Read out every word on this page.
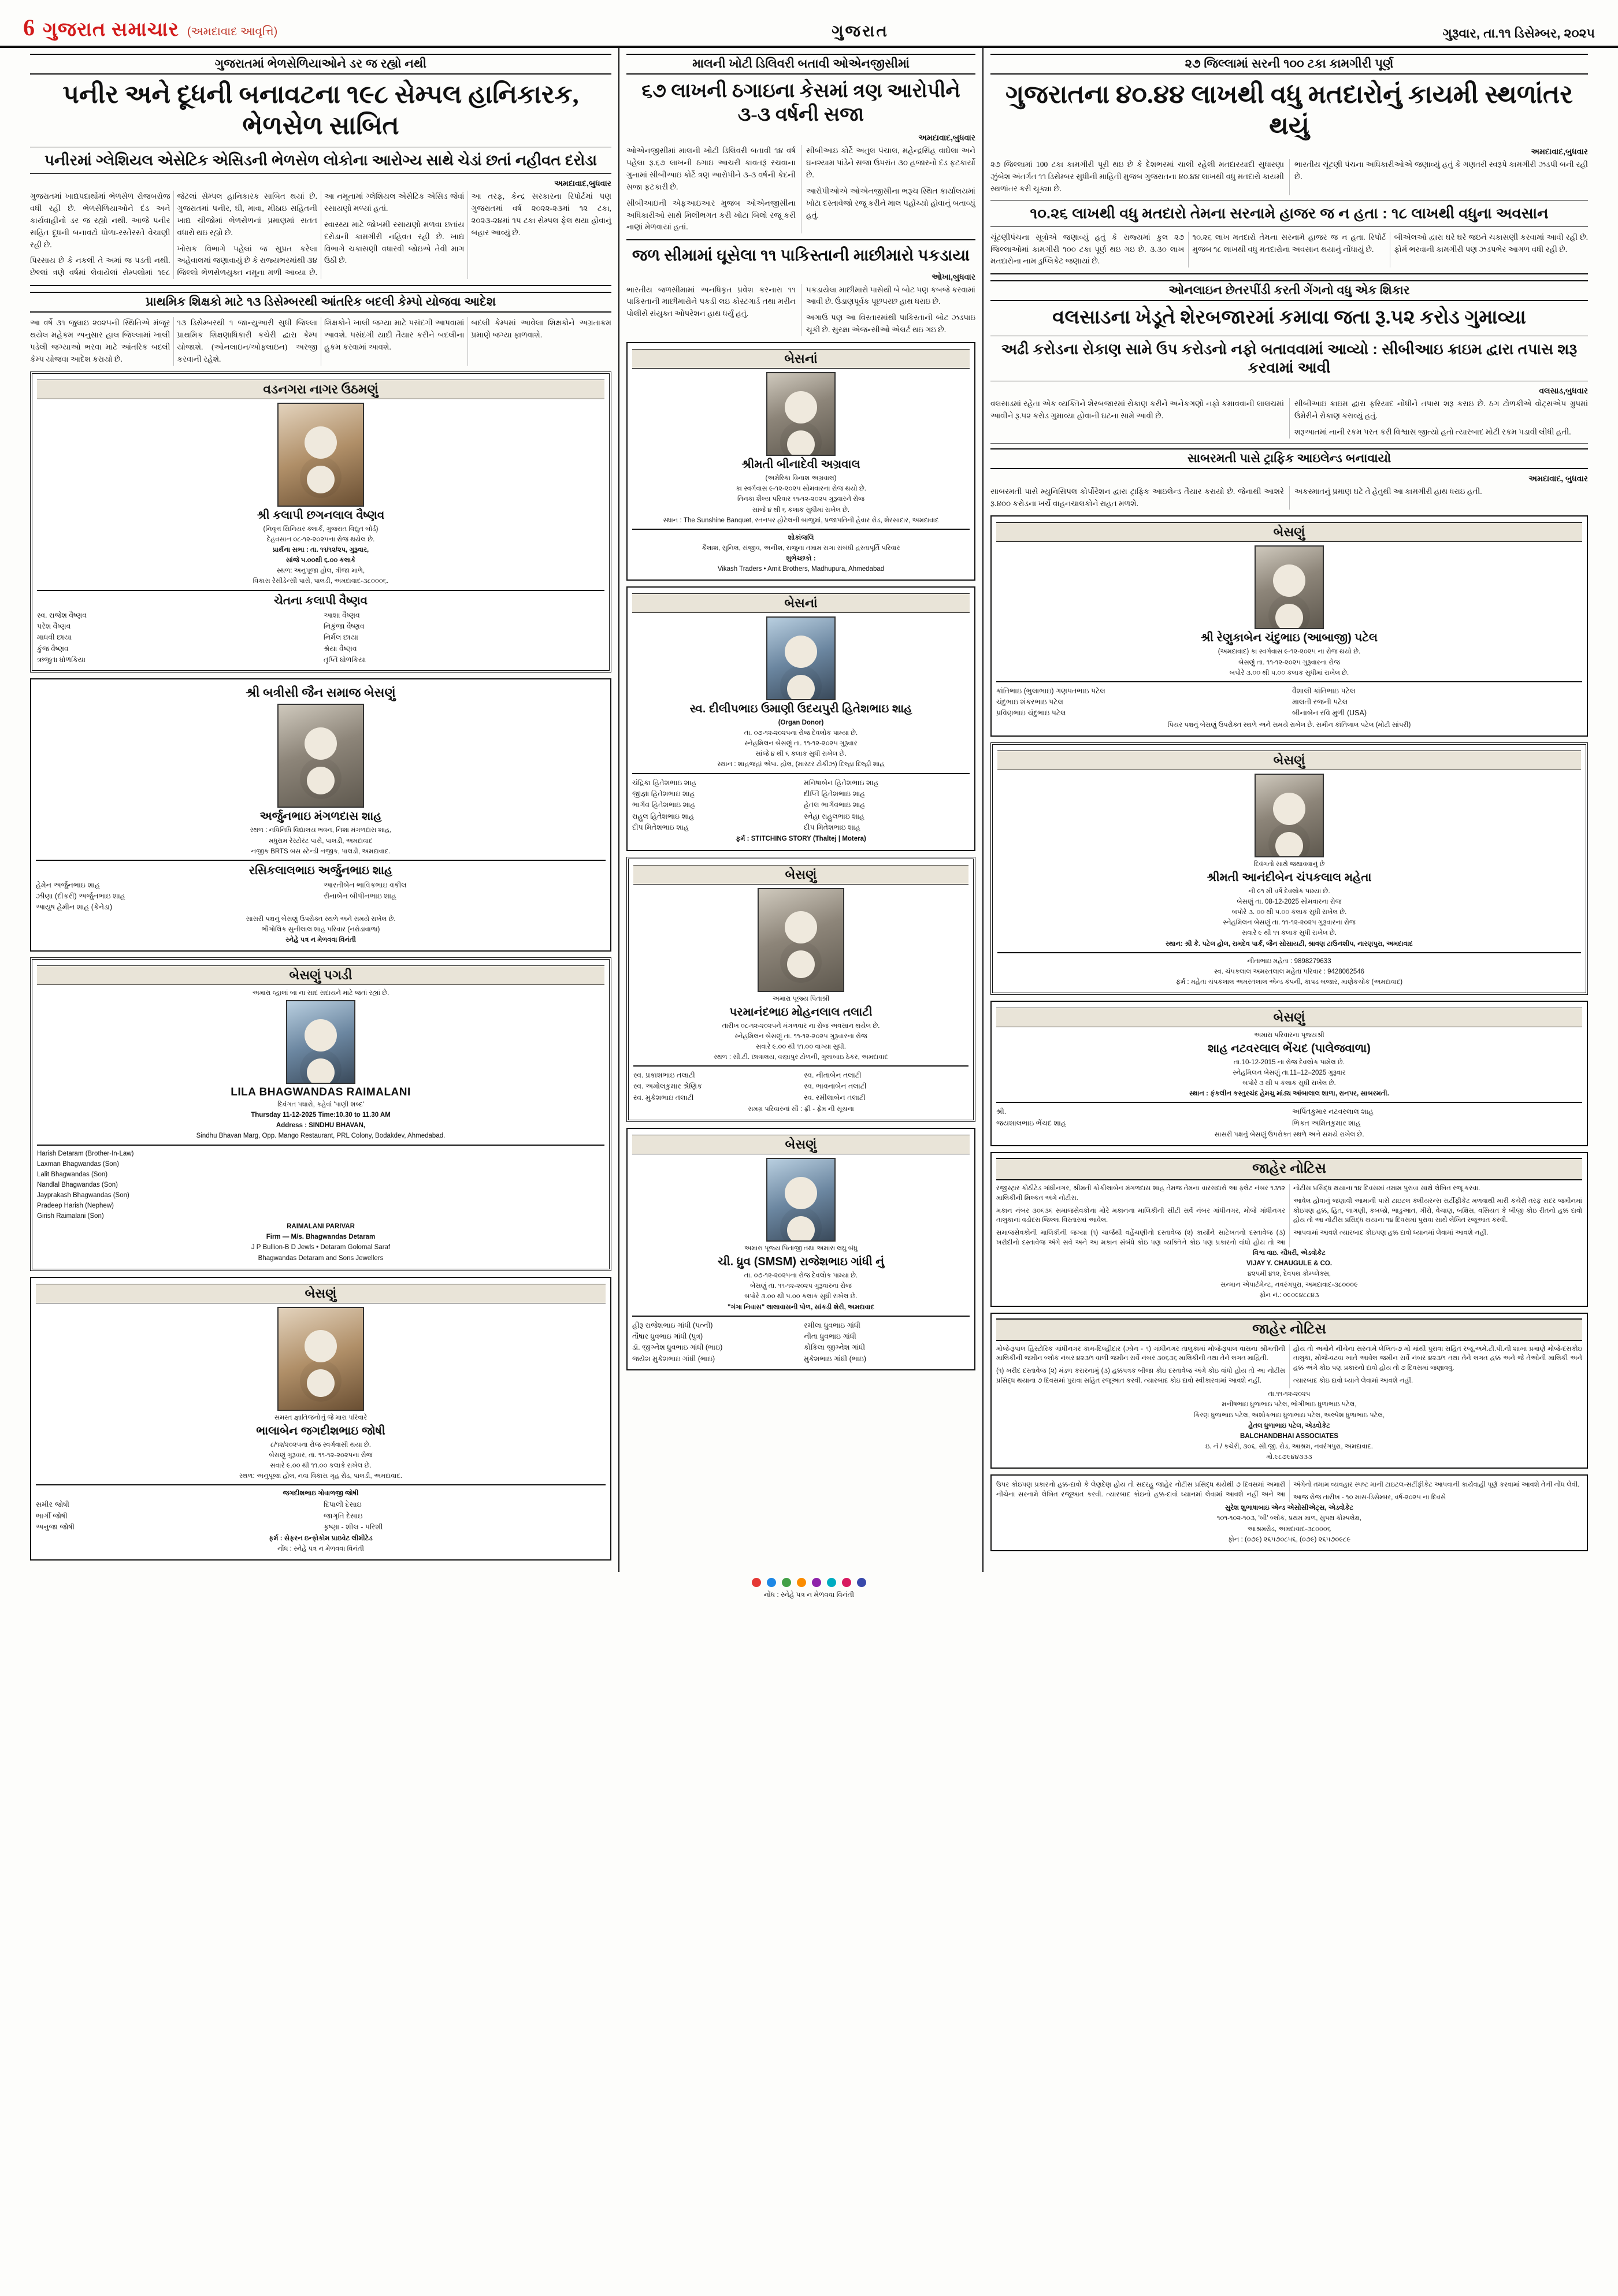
6 ગુજરાત સમાચાર (અમદાવાદ આવૃત્તિ)	ગુજરાત	ગુરૂવાર, તા.૧૧ ડિસેમ્બર, ૨૦૨૫
ગુજરાતમાં ભેળસેળિયાઓને ડર જ રહ્યો નથી
પનીર અને દૂધની બનાવટના ૧૯૮ સેમ્પલ હાનિકારક, ભેળસેળ સાબિત
પનીરમાં ગ્લેશિયલ એસેટિક એસિડની ભેળસેળ લોકોના આરોગ્ય સાથે ચેડાં છતાં નહીવત દરોડા
અમદાવાદ,બુધવાર

ગુજરાતમાં ખાદ્યપદાર્થોમાં ભેળસેળ રોજબરોજ વધી રહી છે. ભેળસેળિયાઓને દંડ અને કાર્યવાહીનો ડર જ રહ્યો નથી. આજે પનીર સહિત દૂધની બનાવટો ધોળા-રસ્તેરસ્તે વેચાણી રહી છે.

પિરસાય છે કે નકલી તે અમાં જ પડતી નથી. છેલ્લાં ત્રણે વર્ષમાં લેવાયેલાં સેમ્પલોમાં ૧૯૮ જેટલાં સેમ્પલ હાનિકારક સાબિત થયાં છે. ગુજરાતમાં પનીર, ઘી, માવા, મીઠાઇ સહિતની ખાદ્ય ચીજોમાં ભેળસેળનાં પ્રમાણમાં સતત વધારો થઇ રહ્યો છે.

ખોરાક વિભાગે પહેલાં જ સુપ્રત કરેલા અહેવાલમાં જણાવાયું છે કે રાજ્યભરમાંથી ૩૪ જિલ્લો ભેળસેળયુક્ત નમૂના મળી આવ્યા છે. આ નમૂનામાં ગ્લેશિયલ એસેટિક એસિડ જેવાં રસાયણો મળ્યાં હતાં.

સ્વાસ્થ્ય માટે જોખમી રસાયણો મળવા છતાંય દરોડાની કામગીરી નહિવત રહી છે. ખાદ્ય વિભાગે ચકાસણી વધારવી જોઇએ તેવી માગ ઉઠી છે.

આ તરફ, કેન્દ્ર સરકારના રિપોર્ટમાં પણ ગુજરાતમાં વર્ષ ૨૦૨૨-૨૩માં ૧૨ ટકા, ૨૦૨૩-૨૪માં ૧૫ ટકા સેમ્પલ ફેલ થયા હોવાનું બહાર આવ્યું છે.

પ્રાથમિક શિક્ષકો માટે ૧૩ ડિસેમ્બરથી આંતરિક બદલી કેમ્પો યોજવા આદેશ

આ વર્ષે ૩૧ જુલાઇ ૨૦૨૫ની સ્થિતિએ મંજૂર થયેલ મહેકમ અનુસાર હાલ જિલ્લામાં ખાલી પડેલી જગ્યાઓ ભરવા માટે આંતરિક બદલી કેમ્પ યોજવા આદેશ કરાયો છે.

૧૩ ડિસેમ્બરથી ૧ જાન્યુઆરી સુધી જિલ્લા પ્રાથમિક શિક્ષણાધિકારી કચેરી દ્વારા કેમ્પ યોજાશે. (ઓનલાઇન/ઓફલાઇન) અરજી કરવાની રહેશે.

શિક્ષકોને ખાલી જગ્યા માટે પસંદગી આપવામાં આવશે. પસંદગી યાદી તૈયાર કરીને બદલીના હુકમ કરવામાં આવશે.

બદલી કેમ્પમાં આવેલા શિક્ષકોને અગ્રતાક્રમ પ્રમાણે જગ્યા ફાળવાશે.

વડનગરા નાગર ઉઠમણું
શ્રી કલાપી છગનલાલ વૈષ્ણવ
(નિવૃત્ત સિનિયર ક્લાર્ક, ગુજરાત વિદ્યુત બોર્ડ)
દેહવસાન ૦૮-૧૨-૨૦૨૫ના રોજ થયેલ છે.
પ્રાર્થના સભા : તા. ૧૧/૧૨/૨૫, ગુરૂવાર,
સાંજે ૫.૦૦થી ૬.૦૦ કલાકે
સ્થળ: અનુપૂજા હોલ, ત્રીજા માળે,
વિકાસ રેસીડેન્સી પાસે, પાલડી, અમદાવાદ-૩૮૦૦૦૬.
ચેતના કલાપી વૈષ્ણવ
સ્વ. રાજેશ વૈષ્ણવ
પરેશ વૈષ્ણવ
માધવી છાયા
કુંજ વૈષ્ણવ
ઋજુતા ધોળકિયા
આશા વૈષ્ણવ
નિકુંજા વૈષ્ણવ
નિર્મલ છાયા
શ્રેયા વૈષ્ણવ
તૃપ્તિ ધોળકિયા
શ્રી બત્રીસી જૈન સમાજ બેસણું
અર્જુનભાઇ મંગળદાસ શાહ
સ્થળ : નવિનિધિ વિદ્યાલય ભવન, નિશા મંગળદાસ શાહ,
મધુરામ રેસ્ટોરંટ પાસે, પાલડી, અમદાવાદ
નજીક BRTS બસ સ્ટેન્ડી નજીક, પાલડી, અમદાવાદ.
રસિકલાલભાઇ અર્જુનભાઇ શાહ
હેમેન અર્જુનભાઇ શાહ
ઝીણા (દીકરી) અર્જુનભાઇ શાહ
આયુષ હેમીન શાહ (કેનેડા)
આરતીબેન ભાવિકભાઇ વકીલ
રીનાબેન બીપીનભાઇ શાહ
સાસરી પક્ષનું બેસણું ઉપરોક્ત સ્થળે અને સમયે રાખેલ છે.
ભૌગોલિક સુનીલાલ શાહ પરિવાર (નરોડાવાળા)
સ્નેહે પત્ર ન મેળવવા વિનંતી
બેસણું પગડી
અમારા વ્હાલાં બા ના સાદ સદાયને માટે જતાં રહ્યાં છે.
LILA BHAGWANDAS RAIMALANI
દિવંગત પધારો, કહેવાં 'પાણી શબ્દ'
Thursday 11-12-2025 Time:10.30 to 11.30 AM
Address : SINDHU BHAVAN,
Sindhu Bhavan Marg, Opp. Mango Restaurant, PRL Colony, Bodakdev, Ahmedabad.
Harish Detaram (Brother-In-Law)
Laxman Bhagwandas (Son)
Lalit Bhagwandas (Son)
Nandlal Bhagwandas (Son)
Jayprakash Bhagwandas (Son)
Pradeep Harish (Nephew)
Girish Raimalani (Son)
RAIMALANI PARIVAR
Firm — M/s. Bhagwandas Detaram
J P Bullion-B D Jewls • Detaram Golomal Saraf
Bhagwandas Detaram and Sons Jewellers
બેસણું
સમસ્ત જ્ઞાતિજનોનું જે મારા પરિવારે
ભાલાબેન જગદીશભાઇ જોષી
૮/૧૨/૨૦૨૫ના રોજ સ્વર્ગવાસી થયા છે.
બેસણું ગુરૂવાર, તા. ૧૧-૧૨-૨૦૨૫ના રોજ
સવારે ૯.૦૦ થી ૧૧.૦૦ કલાકે રાખેલ છે.
સ્થળ: અનુપૂજા હોલ, નવા વિકાસ ગૃહ રોડ, પાલડી, અમદાવાદ.
જગદીશભાઇ ગોવાળજી જોષી
સમીર જોષી
ભાર્ગી જોષી
અનુજા જોષી
દિપાલી દેસાઇ
જાગૃતિ દેસાઇ
કૃષ્ણા - શીલ - પરિશી
ફર્મ : સેફરન ઇન્ફોકોમ પ્રાઇવેટ લીમીટેડ
નોંધ : સ્નેહે પત્ર ન મેળવવા વિનંતી
માલની ખોટી ડિલિવરી બતાવી ઓએનજીસીમાં
૬૭ લાખની ઠગાઇના કેસમાં ત્રણ આરોપીને ૩-૩ વર્ષની સજા
અમદાવાદ,બુધવાર

ઓએનજીસીમાં માલની ખોટી ડિલિવરી બતાવી ૧૪ વર્ષ પહેલા રૂ.૬૭ લાખની ઠગાઇ આચરી કાવતરૂં રચવાના ગુનામાં સીબીઆઇ કોર્ટે ત્રણ આરોપીને ૩-૩ વર્ષની કેદની સજા ફટકારી છે.

સીબીઆઇની એફઆઇઆર મુજબ ઓએનજીસીના અધિકારીઓ સાથે મિલીભગત કરી ખોટા બિલો રજૂ કરી નાણાં મેળવાયાં હતાં.

સીબીઆઇ કોર્ટે અતુલ પંચાલ, મહેન્દ્રસિંહ વાઘેલા અને ઘનશ્યામ પાંડેને સજા ઉપરાંત ૩૦ હજારનો દંડ ફટકાર્યો છે.

આરોપીઓએ ઓએનજીસીના ભરૂચ સ્થિત કાર્યાલયમાં ખોટા દસ્તાવેજો રજૂ કરીને માલ પહોંચ્યો હોવાનું બતાવ્યું હતું.

જળ સીમામાં ઘૂસેલા ૧૧ પાકિસ્તાની માછીમારો પકડાયા
ઓખા,બુધવાર

ભારતીય જળસીમામાં અનધિકૃત પ્રવેશ કરનારા ૧૧ પાકિસ્તાની માછીમારોને પકડી લઇ કોસ્ટગાર્ડ તથા મરીન પોલીસે સંયુક્ત ઓપરેશન હાથ ધર્યું હતું.

પકડાયેલા માછીમારો પાસેથી બે બોટ પણ કબજે કરવામાં આવી છે. ઉંડાણપૂર્વક પૂછપરછ હાથ ધરાઇ છે.

અગાઉ પણ આ વિસ્તારમાંથી પાકિસ્તાની બોટ ઝડપાઇ ચૂકી છે. સુરક્ષા એજન્સીઓ એલર્ટ થઇ ગઇ છે.

બેસનાં
શ્રીમતી બીનાદેવી અગ્રવાલ
(અમેરિકા વિનાશ અગ્રવાલ)
કા સ્વર્ગવાસ ૯-૧૨-૨૦૨૫ સોમવારના રોજ થયો છે.
તિનકા શૈલ્ય પરિવાર ૧૧-૧૨-૨૦૨૫ ગુરૂવારને રોજ
સાંજે ૪ થી ૬ કલાક સુધીમાં રાખેલ છે.
સ્થાન : The Sunshine Banquet, રતનપર હોટેલની બાજુમાં, પ્રજાપતિની હેવાર રોડ, શેરસાદાર, અમદાવાદ
શોકાંજલિ
કૈલાશ, સુનિલ, સંજીવ, અનીશ, રાજુના તમામ સગા સંબંધી હસ્તાપૂર્તિ પરિવાર
શુભેચ્છકો :
Vikash Traders • Amit Brothers, Madhupura, Ahmedabad
બેસનાં
સ્વ. દીલીપભાઇ ઉમાણી ઉદયપુરી હિતેશભાઇ શાહ
(Organ Donor)
તા. ૦૭-૧૨-૨૦૨૫ના રોજ દેવલોક પામ્યા છે.
સ્નેહમિલન બેસણું તા. ૧૧-૧૨-૨૦૨૫ ગુરૂવાર
સાંજે ૪ થી ૬ કલાક સુધી રાખેલ છે.
સ્થાન : શાહજહાં એપા. હોલ, (માસ્ટર ટોકીઝ) દિલ્હા દિલ્હી શાહ
ચંદ્રિકા હિતેશભાઇ શાહ
જીજ્ઞા હિતેશભાઇ શાહ
ભાર્ગવ હિતેશભાઇ શાહ
રાહુલ હિતેશભાઇ શાહ
દીપ મિતેશભાઇ શાહ
મનિષાબેન હિતેશભાઇ શાહ
દીપ્તિ હિતેશભાઇ શાહ
હેતલ ભાર્ગવભાઇ શાહ
સ્નેહા રાહુલભાઇ શાહ
દીપ મિતેશભાઇ શાહ
ફર્મ : STITCHING STORY (Thaltej | Motera)
બેસણું
અમારા પૂજ્ય પિતાશ્રી
પરમાનંદભાઇ મોહનલાલ તલાટી
તારીખ ૦૮-૧૨-૨૦૨૫ને મંગળવાર ના રોજ અવસાન થયેલ છે.
સ્નેહમિલન બેસણું તા. ૧૧-૧૨-૨૦૨૫ ગુરૂવારના રોજ
સવારે ૯.૦૦ થી ૧૧.૦૦ વાગ્યા સુધી.
સ્થળ : સી.ટી. છાત્રાલય, વસ્ત્રાપુર ટોળની, ગુલાબાઇ ઠેકર, અમદાવાદ
સ્વ. પ્રકાશભાઇ તલાટી
સ્વ. અમોલકુમાર શ્રેણિક
સ્વ. મુકેશભાઇ તલાટી
સ્વ. નીતાબેન તલાટી
સ્વ. ભાવનાબેન તલાટી
સ્વ. રમીલાબેન તલાટી
સમગ્ર પરિવારનાં સૌ : ફ્રી - ફ્રેમ ની સૂચના
બેસણું
અમારા પૂજ્ય પિતાજી તથા અમારા લઘુ બંધુ
ચી. ધ્રુવ (SMSM) રાજેશભાઇ ગાંધી નું
તા. ૦૭-૧૨-૨૦૨૫ના રોજ દેવલોક પામ્યા છે.
બેસણું તા. ૧૧-૧૨-૨૦૨૫ ગુરૂવારના રોજ
બપોરે ૩.૦૦ થી ૫.૦૦ કલાક સુધી રાખેલ છે.
"ગંગા નિવાસ" લાલાવાસની પોળ, સાંકડી શેરી, અમદાવાદ
હીરૂ રાજેશભાઇ ગાંધી (પત્ની)
તૌષાર ધ્રુવભાઇ ગાંધી (પુત્ર)
ડૉ. જીગ્નેશ ધ્રુવભાઇ ગાંધી (ભાઇ)
જયેશ મુકેશભાઇ ગાંધી (ભાઇ)
રમીલા ધ્રુવભાઇ ગાંધી
નીતા ધ્રુવભાઇ ગાંધી
કોકિલા જીગ્નેશ ગાંધી
મુકેશભાઇ ગાંધી (ભાઇ)
૨૭ જિલ્લામાં સરની ૧૦૦ ટકા કામગીરી પૂર્ણ
ગુજરાતના ૪૦.૪૪ લાખથી વધુ મતદારોનું કાયમી સ્થળાંતર થયું
અમદાવાદ,બુધવાર

૨૭ જિલ્લામાં 100 ટકા કામગીરી પૂરી થઇ છે કે દેશભરમાં ચાલી રહેલી મતદારયાદી સુધારણા ઝુંબેશ અંતર્ગત ૧૧ ડિસેમ્બર સુધીની માહિતી મુજબ ગુજરાતના ૪૦.૪૪ લાખથી વધુ મતદારો કાયમી સ્થળાંતર કરી ચૂક્યા છે.

ભારતીય ચૂંટણી પંચના અધિકારીઓએ જણાવ્યું હતું કે ગણતરી સ્વરૂપે કામગીરી ઝડપી બની રહી છે.

૧૦.૨૬ લાખથી વધુ મતદારો તેમના સરનામે હાજર જ ન હતા : ૧૮ લાખથી વધુના અવસાન

ચૂંટણીપંચના સૂત્રોએ જણાવ્યું હતું કે રાજ્યમાં કુલ ૨૭ જિલ્લાઓમાં કામગીરી ૧૦૦ ટકા પૂર્ણ થઇ ગઇ છે. ૩.૩૦ લાખ મતદારોના નામ ડુપ્લિકેટ જણાયાં છે.

૧૦.૨૬ લાખ મતદારો તેમના સરનામે હાજર જ ન હતા. રિપોર્ટ મુજબ ૧૮ લાખથી વધુ મતદારોના અવસાન થયાનું નોંધાયું છે.

બીએલઓ દ્વારા ઘરે ઘરે જઇને ચકાસણી કરવામાં આવી રહી છે. ફોર્મ ભરવાની કામગીરી પણ ઝડપભેર આગળ વધી રહી છે.

ઓનલાઇન છેતરપીંડી કરતી ગેંગનો વધુ એક શિકાર
વલસાડના ખેડૂતે શેરબજારમાં કમાવા જતા રૂ.૫૨ કરોડ ગુમાવ્યા
અઢી કરોડના રોકાણ સામે ઉપ કરોડનો નફો બતાવવામાં આવ્યો : સીબીઆઇ ક્રાઇમ દ્વારા તપાસ શરૂ કરવામાં આવી
વલસાડ,બુધવાર

વલસાડમાં રહેતા એક વ્યક્તિને શેરબજારમાં રોકાણ કરીને અનેકગણો નફો કમાવવાની લાલચમાં આવીને રૂ.૫૨ કરોડ ગુમાવ્યા હોવાની ઘટના સામે આવી છે.

સીબીઆઇ ક્રાઇમ દ્વારા ફરિયાદ નોંધીને તપાસ શરૂ કરાઇ છે. ઠગ ટોળકીએ વોટ્સએપ ગ્રુપમાં ઉમેરીને રોકાણ કરાવ્યું હતું.

શરૂઆતમાં નાની રકમ પરત કરી વિશ્વાસ જીત્યો હતો ત્યારબાદ મોટી રકમ પડાવી લીધી હતી.

સાબરમતી પાસે ટ્રાફિક આઇલેન્ડ બનાવાયો
અમદાવાદ, બુધવાર

સાબરમતી પાસે મ્યુનિસિપલ કોર્પોરેશન દ્વારા ટ્રાફિક આઇલેન્ડ તૈયાર કરાયો છે. જેનાથી આશરે રૂ.૪૦૦ કરોડના ખર્ચે વાહનચાલકોને રાહત મળશે.

અકસ્માતનું પ્રમાણ ઘટે તે હેતુથી આ કામગીરી હાથ ધરાઇ હતી.

બેસણું
શ્રી રેણુકાબેન ચંદુભાઇ (આબાજી) પટેલ
(અમદાવાદ) કા સ્વર્ગવાસ ૯-૧૨-૨૦૨૫ ના રોજ થયો છે.
બેસણું તા. ૧૧-૧૨-૨૦૨૫ ગુરૂવારના રોજ
બપોરે ૩.૦૦ થી ૫.૦૦ કલાક સુધીમાં રાખેલ છે.
કાંતિભાઇ (ભુલાભાઇ) ગણપતભાઇ પટેલ
ચંદુભાઇ શંકરભાઇ પટેલ
પ્રવિણભાઇ ચંદુભાઇ પટેલ
વૈશાલી કાંતિભાઇ પટેલ
માલતી રજની પટેલ
બીનાબેન રવિ મુળી (USA)
પિયર પક્ષનું બેસણું ઉપરોક્ત સ્થળે અને સમયે રાખેલ છે. સમીન કાંતિલાલ પટેલ (મોટી સાંપરી)
બેસણું
દિવંગતો સાથે જથાવવાનું છે
શ્રીમતી આનંદીબેન ચંપકલાલ મહેતા
ની ૯૧ મી વર્ષે દેવલોક પામ્યા છે.
બેસણું તા. 08-12-2025 સોમવારના રોજ
બપોરે ૩. ૦૦ થી ૫.૦૦ કલાક સુધી રાખેલ છે.
સ્નેહમિલન બેસણું તા. ૧૧-૧૨-૨૦૨૫ ગુરૂવારના રોજ
સવારે ૯ થી ૧૧ કલાક સુધી રાખેલ છે.
સ્થાન: શ્રી કે. પટેલ હોલ, રામદેવ પાર્ક, જૈન સોસાયટી, શ્રાવણ ટાઉનશીપ, નારણપુરા, અમદાવાદ
નીતાભાઇ મહેતા : 9898279633
સ્વ. ચંપકલાલ અમરતલાલ મહેતા પરિવાર : 9428062546
ફર્મ : મહેતા ચંપકલાલ અમરતલાલ એન્ડ કંપની, કાપડ બજાર, માણેકચોક (અમદાવાદ)
બેસણું
અમારા પરિવારના પૂજ્યશ્રી
શાહ નટવરલાલ ભેંચદ (પાલેજવાળા)
તા.10-12-2015 ના રોજ દેવલોક પામેલ છે.
સ્નેહમિલન બેસણું તા.11–12–2025 ગુરૂવાર
બપોરે ૩ થી ૫ કલાક સુધી રાખેલ છે.
સ્થાન : ફંકલીન કસ્તુરચંદ હેમચુ માંડ્ય આંબાલાલ શાળા, રાનપર, સાબરમતી.
શ્રી.
જયશાલભાઇ ભેંચદ શાહ
અર્પિતકુમાર નટવરલાલ શાહ
ભિકત અમિતકુમાર શાહ
સાસરી પક્ષનું બેસણું ઉપરોક્ત સ્થળે અને સમયે રાખેલ છે.
જાહેર નોટિસ

રજીસ્ટ્રાર કોઠીટેડ ગાંધીનગર, શ્રીમતી કોકીલાબેન મંગળદાસ શાહ તેમજ તેમના વારસદારો આ ફ્લેટ નંબર ૧૩૧૨ માલિકીની મિલ્કત અંગે નોટીસ.

મકાન નંબર ૩૦૬૩૬ સમાજસેવકોના મોરે મકાનના માલિકીની સીટી સર્વે નંબર ગાંધીનગર, મોજે ગાંધીનગર તાલુકાનાં વડોદરા જિલ્લા વિસ્તારમાં આવેલ.

સમાજસેવકોની માલિકીની જગ્યા (૧) ચાર્જથી વહેંચણીનો દસ્તાવેજ (૨) કાર્યોને સાટેખતનો દસ્તાવેજ (૩) ખરીદીનો દસ્તાવેજ અંગે સર્વે અને આ મકાન સંબંધે કોઇ પણ વ્યક્તિને કોઇ પણ પ્રકારનો વાંધો હોય તો આ નોટીસ પ્રસિદ્ધ થયાના ૧૪ દિવસમાં તમામ પુરાવા સાથે લેખિત રજૂ કરવા.

આવેલ હોવાનું જણાવી આમાની પાસે ટાઇટલ ક્લીયરન્સ સર્ટીફીકેટ મળવાથી મારી કચેરી તરફ સદર જમીનમાં કોઇપણ હક્ક, હિત, લાગણી, કબજો, ભાડુઆત, ગીરો, વેચાણ, બક્ષિસ, વસિયત કે બીજી કોઇ રીતનો હક્ક દાવો હોય તો આ નોટીસ પ્રસિદ્ધ થયાના ૧૪ દિવસમાં પુરાવા સાથે લેખિત રજૂઆત કરવી.

આપવામાં આવશે ત્યારબાદ કોઇપણ હક્ક દાવો ધ્યાનમાં લેવામાં આવશે નહીં.

વિશ્વ વાઇ. ચૌધરી, એડવોકેટ
VIJAY Y. CHAUGULE & CO.
૪૨૫મી ૪૧૨, દેવપથ કોમ્પ્લેક્સ,
સન્માન એપાર્ટમેન્ટ, નવરંગપુરા, અમદાવાદ-૩૮૦૦૦૯
ફોન નં.: ૦૯૦૯૪૮૮૪૩
જાહેર નોટિસ

મોજે-રૂપાલ હિસ્ટોરિક ગાંધીનગર કામ-દિલ્હીદાર (ઝોન - ૧) ગાંધીનગર તાલુકામાં મોજે-રૂપાલ વાસના શ્રીમતીની માલિકીની જમીન બ્લોક નંબર ૪૨૩/૧ વાળી જમીન સર્વે નંબર ૩૦૬૩૬ માલિકીની તથા તેને લગત માહિતી.

(૧) ખરીદ દસ્તાવેજ (૨) મંડળ કરારનામું (૩) હક્કપત્રક બીજા કોઇ દસ્તાવેજ અંગે કોઇ વાંધો હોય તો આ નોટીસ પ્રસિદ્ધ થયાના ૭ દિવસમાં પુરાવા સહિત રજૂઆત કરવી. ત્યારબાદ કોઇ દાવો સ્વીકારવામાં આવશે નહીં.

હોય તો અમોને નીચેના સરનામે લેખિત-૭ મો માંથી પુરાવા સહિત રજૂ.અમે.ટી.પી.ની શાખા પ્રમાણે મોજે-દસકોઇ તાલુકા, મોજે-વટવા ખાતે આવેલ જમીન સર્વે નંબર ૪૨૩/૧ તથા તેને લગત હક્ક અને જે તેઓની માલિકી અને હક્ક અંગે કોઇ પણ પ્રકારનો દાવો હોય તો ૭ દિવસમાં જણાવવું.

ત્યારબાદ કોઇ દાવો ધ્યાને લેવામાં આવશે નહીં.

તા.૧૧-૧૨-૨૦૨૫
મનીષભાઇ ધુળાભાઇ પટેલ, ભોગીભાઇ ધુળાભાઇ પટેલ,
કિરણ ધુળાભાઇ પટેલ, અશોકભાઇ ધુળાભાઇ પટેલ, અલ્પેશ ધુળાભાઇ પટેલ,
હેતલ ધુળાભાઇ પટેલ, એડવોકેટ
BALCHANDBHAI ASSOCIATES
ઇ. નં / કચેરી, ૩૦૬, સી.જી. રોડ, આશ્રમ, નવરંગપુરા, અમદાવાદ.
મો.૯૮૭૯૪૪૩૩૩

ઉપર કોઇપણ પ્રકારનો હક્ક-દાવો કે લેણદેણ હોય તો સદરહુ જાહેર નોટીસ પ્રસિદ્ધ થયેથી ૭ દિવસમાં અમારી નીચેના સરનામે લેખિત રજૂઆત કરવી. ત્યારબાદ કોઇનો હક્ક-દાવો ધ્યાનમાં લેવામાં આવશે નહીં અને આ અંગેનો તમામ વ્યવહાર સ્પષ્ટ માની ટાઇટલ-સર્ટીફીકેટ આપવાની કાર્યવાહી પૂર્ણ કરવામાં આવશે તેની નોંધ લેવી.

આજ રોજ તારીખ - ૧૦ માસ-ડિસેમ્બર, વર્ષ-૨૦૨૫ ના દિવસે

સુરેશ શુભાષાબાઇ એન્ડ એસોસીએટ્સ, એડવોકેટ
૧૦૧-૧૦૨-૧૦૩, 'બી' બ્લોક, પ્રથમ માળ, સુપથ કોમ્પલેક્ષ,
આશ્રમરોડ, અમદાવાદ-૩૮૦૦૦૬
ફોન : (૦૭૯) ૨૬૫૭૦૮૫૬, (૦૭૯) ૨૬૫૭૦૯૮૯
નોંધ : સ્નેહે પત્ર ન મેળવવા વિનંતી
